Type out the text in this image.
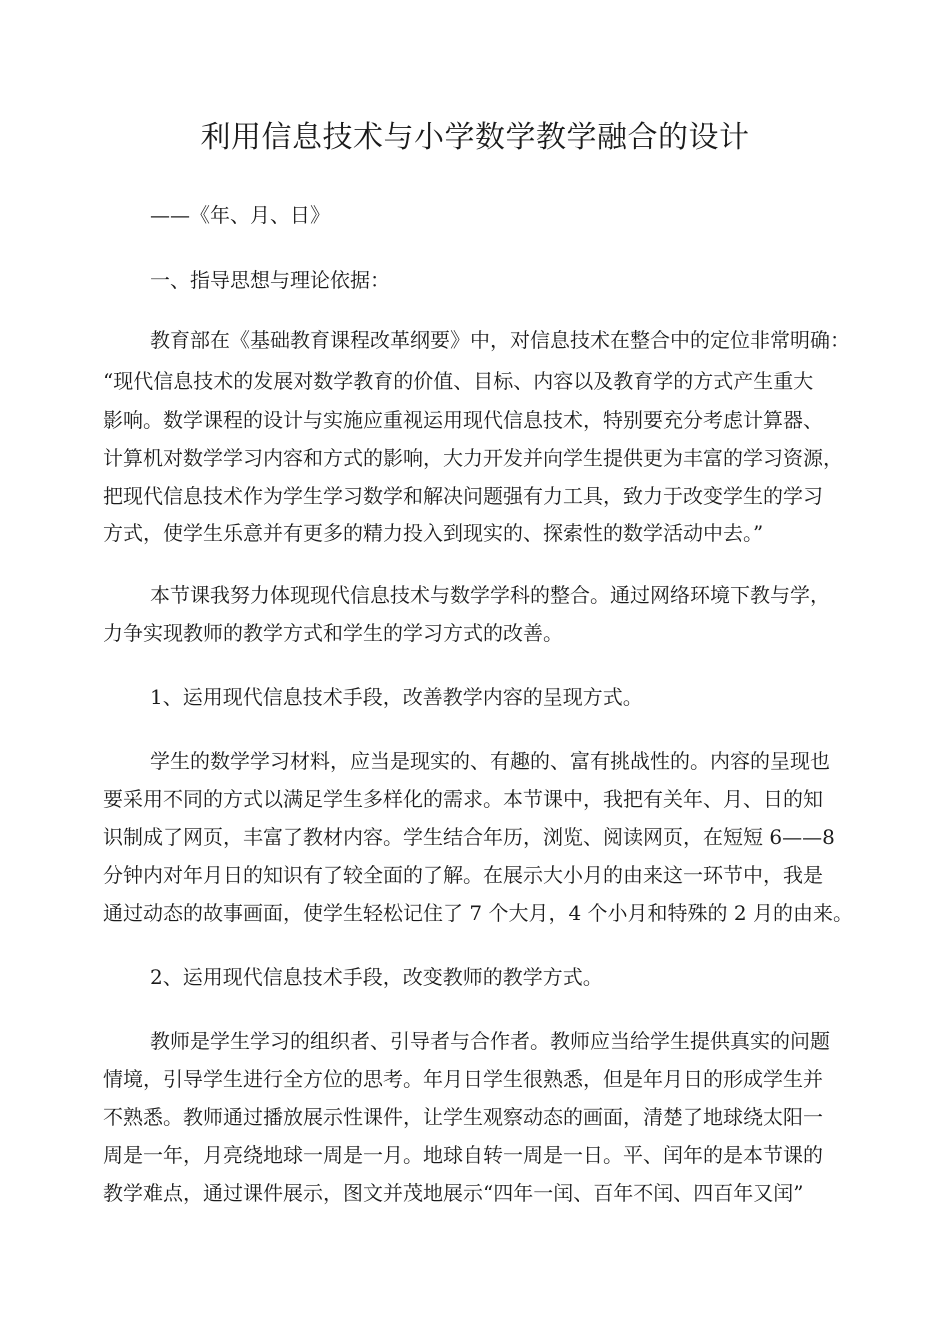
利用信息技术与小学数学教学融合的设计

——《年、月、日》

一、指导思想与理论依据：

教育部在《基础教育课程改革纲要》中，对信息技术在整合中的定位非常明确：

“现代信息技术的发展对数学教育的价值、目标、内容以及教育学的方式产生重大

影响。数学课程的设计与实施应重视运用现代信息技术，特别要充分考虑计算器、

计算机对数学学习内容和方式的影响，大力开发并向学生提供更为丰富的学习资源，

把现代信息技术作为学生学习数学和解决问题强有力工具，致力于改变学生的学习

方式，使学生乐意并有更多的精力投入到现实的、探索性的数学活动中去。”

本节课我努力体现现代信息技术与数学学科的整合。通过网络环境下教与学，

力争实现教师的教学方式和学生的学习方式的改善。

1、运用现代信息技术手段，改善教学内容的呈现方式。

学生的数学学习材料，应当是现实的、有趣的、富有挑战性的。内容的呈现也

要采用不同的方式以满足学生多样化的需求。本节课中，我把有关年、月、日的知

识制成了网页，丰富了教材内容。学生结合年历，浏览、阅读网页，在短短 6——8

分钟内对年月日的知识有了较全面的了解。在展示大小月的由来这一环节中，我是

通过动态的故事画面，使学生轻松记住了 7 个大月，4 个小月和特殊的 2 月的由来。

2、运用现代信息技术手段，改变教师的教学方式。

教师是学生学习的组织者、引导者与合作者。教师应当给学生提供真实的问题

情境，引导学生进行全方位的思考。年月日学生很熟悉，但是年月日的形成学生并

不熟悉。教师通过播放展示性课件，让学生观察动态的画面，清楚了地球绕太阳一

周是一年，月亮绕地球一周是一月。地球自转一周是一日。平、闰年的是本节课的

教学难点，通过课件展示，图文并茂地展示“四年一闰、百年不闰、四百年又闰”
